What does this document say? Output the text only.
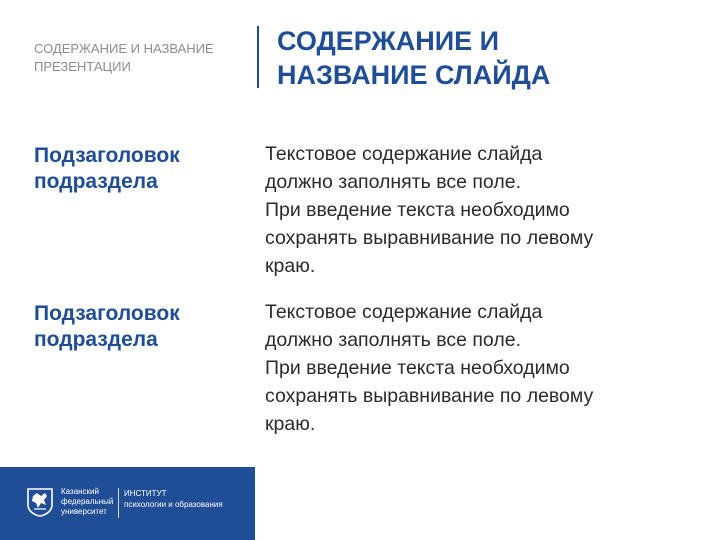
СОДЕРЖАНИЕ И НАЗВАНИЕ
ПРЕЗЕНТАЦИИ

СОДЕРЖАНИЕ И
НАЗВАНИЕ СЛАЙДА
Подзаголовок
подраздела

Текстовое содержание слайда
должно заполнять все поле.
При введение текста необходимо
сохранять выравнивание по левому
краю.

Подзаголовок
подраздела

Текстовое содержание слайда
должно заполнять все поле.
При введение текста необходимо
сохранять выравнивание по левому
краю.

Казанский
федеральный
университет
ИНСТИТУТ
психологии и образования
